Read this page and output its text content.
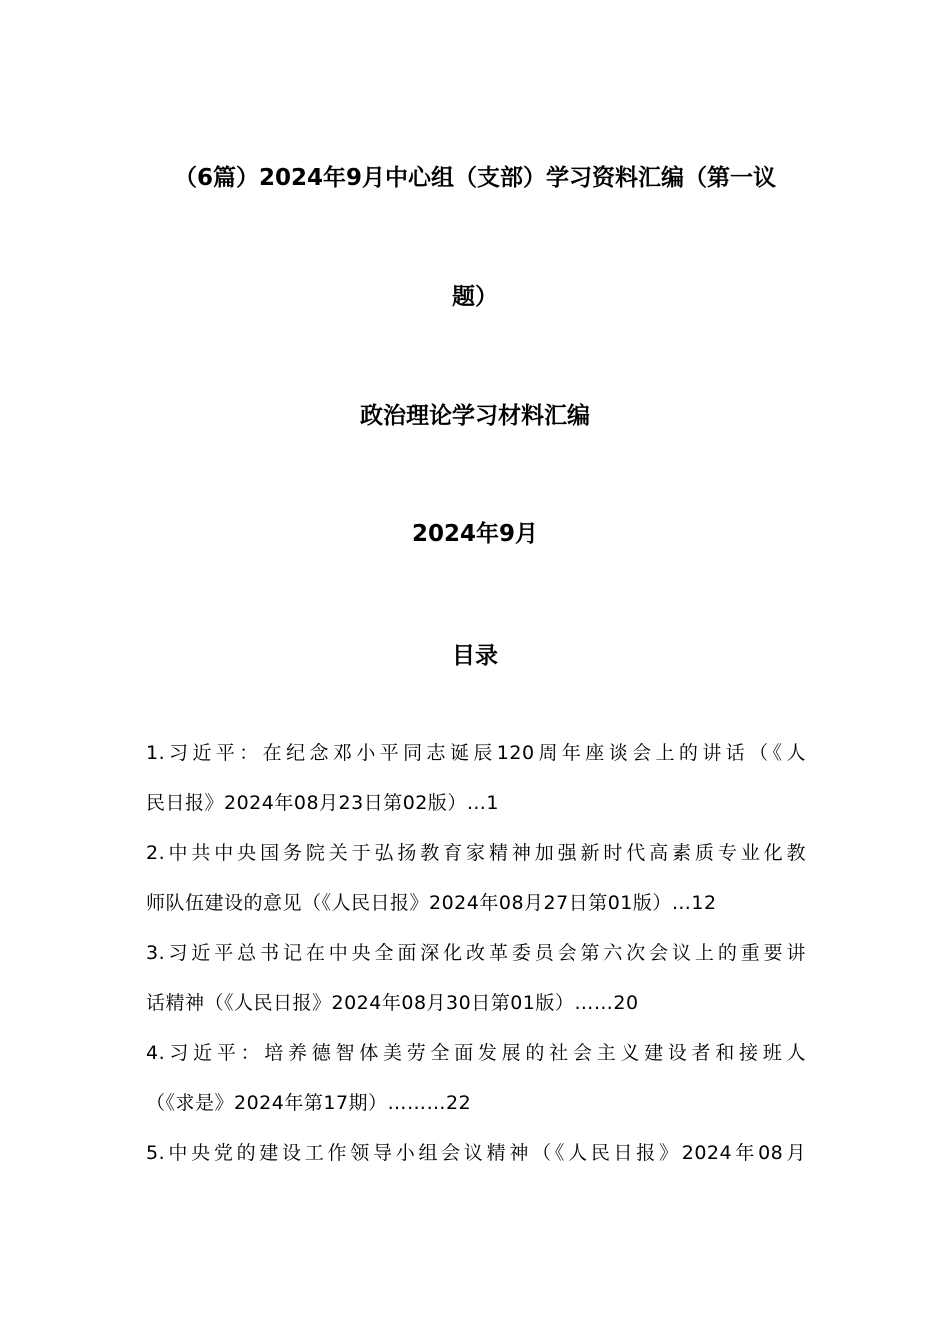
（6篇）2024年9月中心组（支部）学习资料汇编（第一议
题）
政治理论学习材料汇编
2024年9月
目录
1.习近平：在纪念邓小平同志诞辰120周年座谈会上的讲话（《人
民日报》2024年08月23日第02版）…1
2.中共中央国务院关于弘扬教育家精神加强新时代高素质专业化教
师队伍建设的意见（《人民日报》2024年08月27日第01版）…12
3.习近平总书记在中央全面深化改革委员会第六次会议上的重要讲
话精神（《人民日报》2024年08月30日第01版）……20
4.习近平：培养德智体美劳全面发展的社会主义建设者和接班人
（《求是》2024年第17期）………22
5.中央党的建设工作领导小组会议精神（《人民日报》2024年08月
